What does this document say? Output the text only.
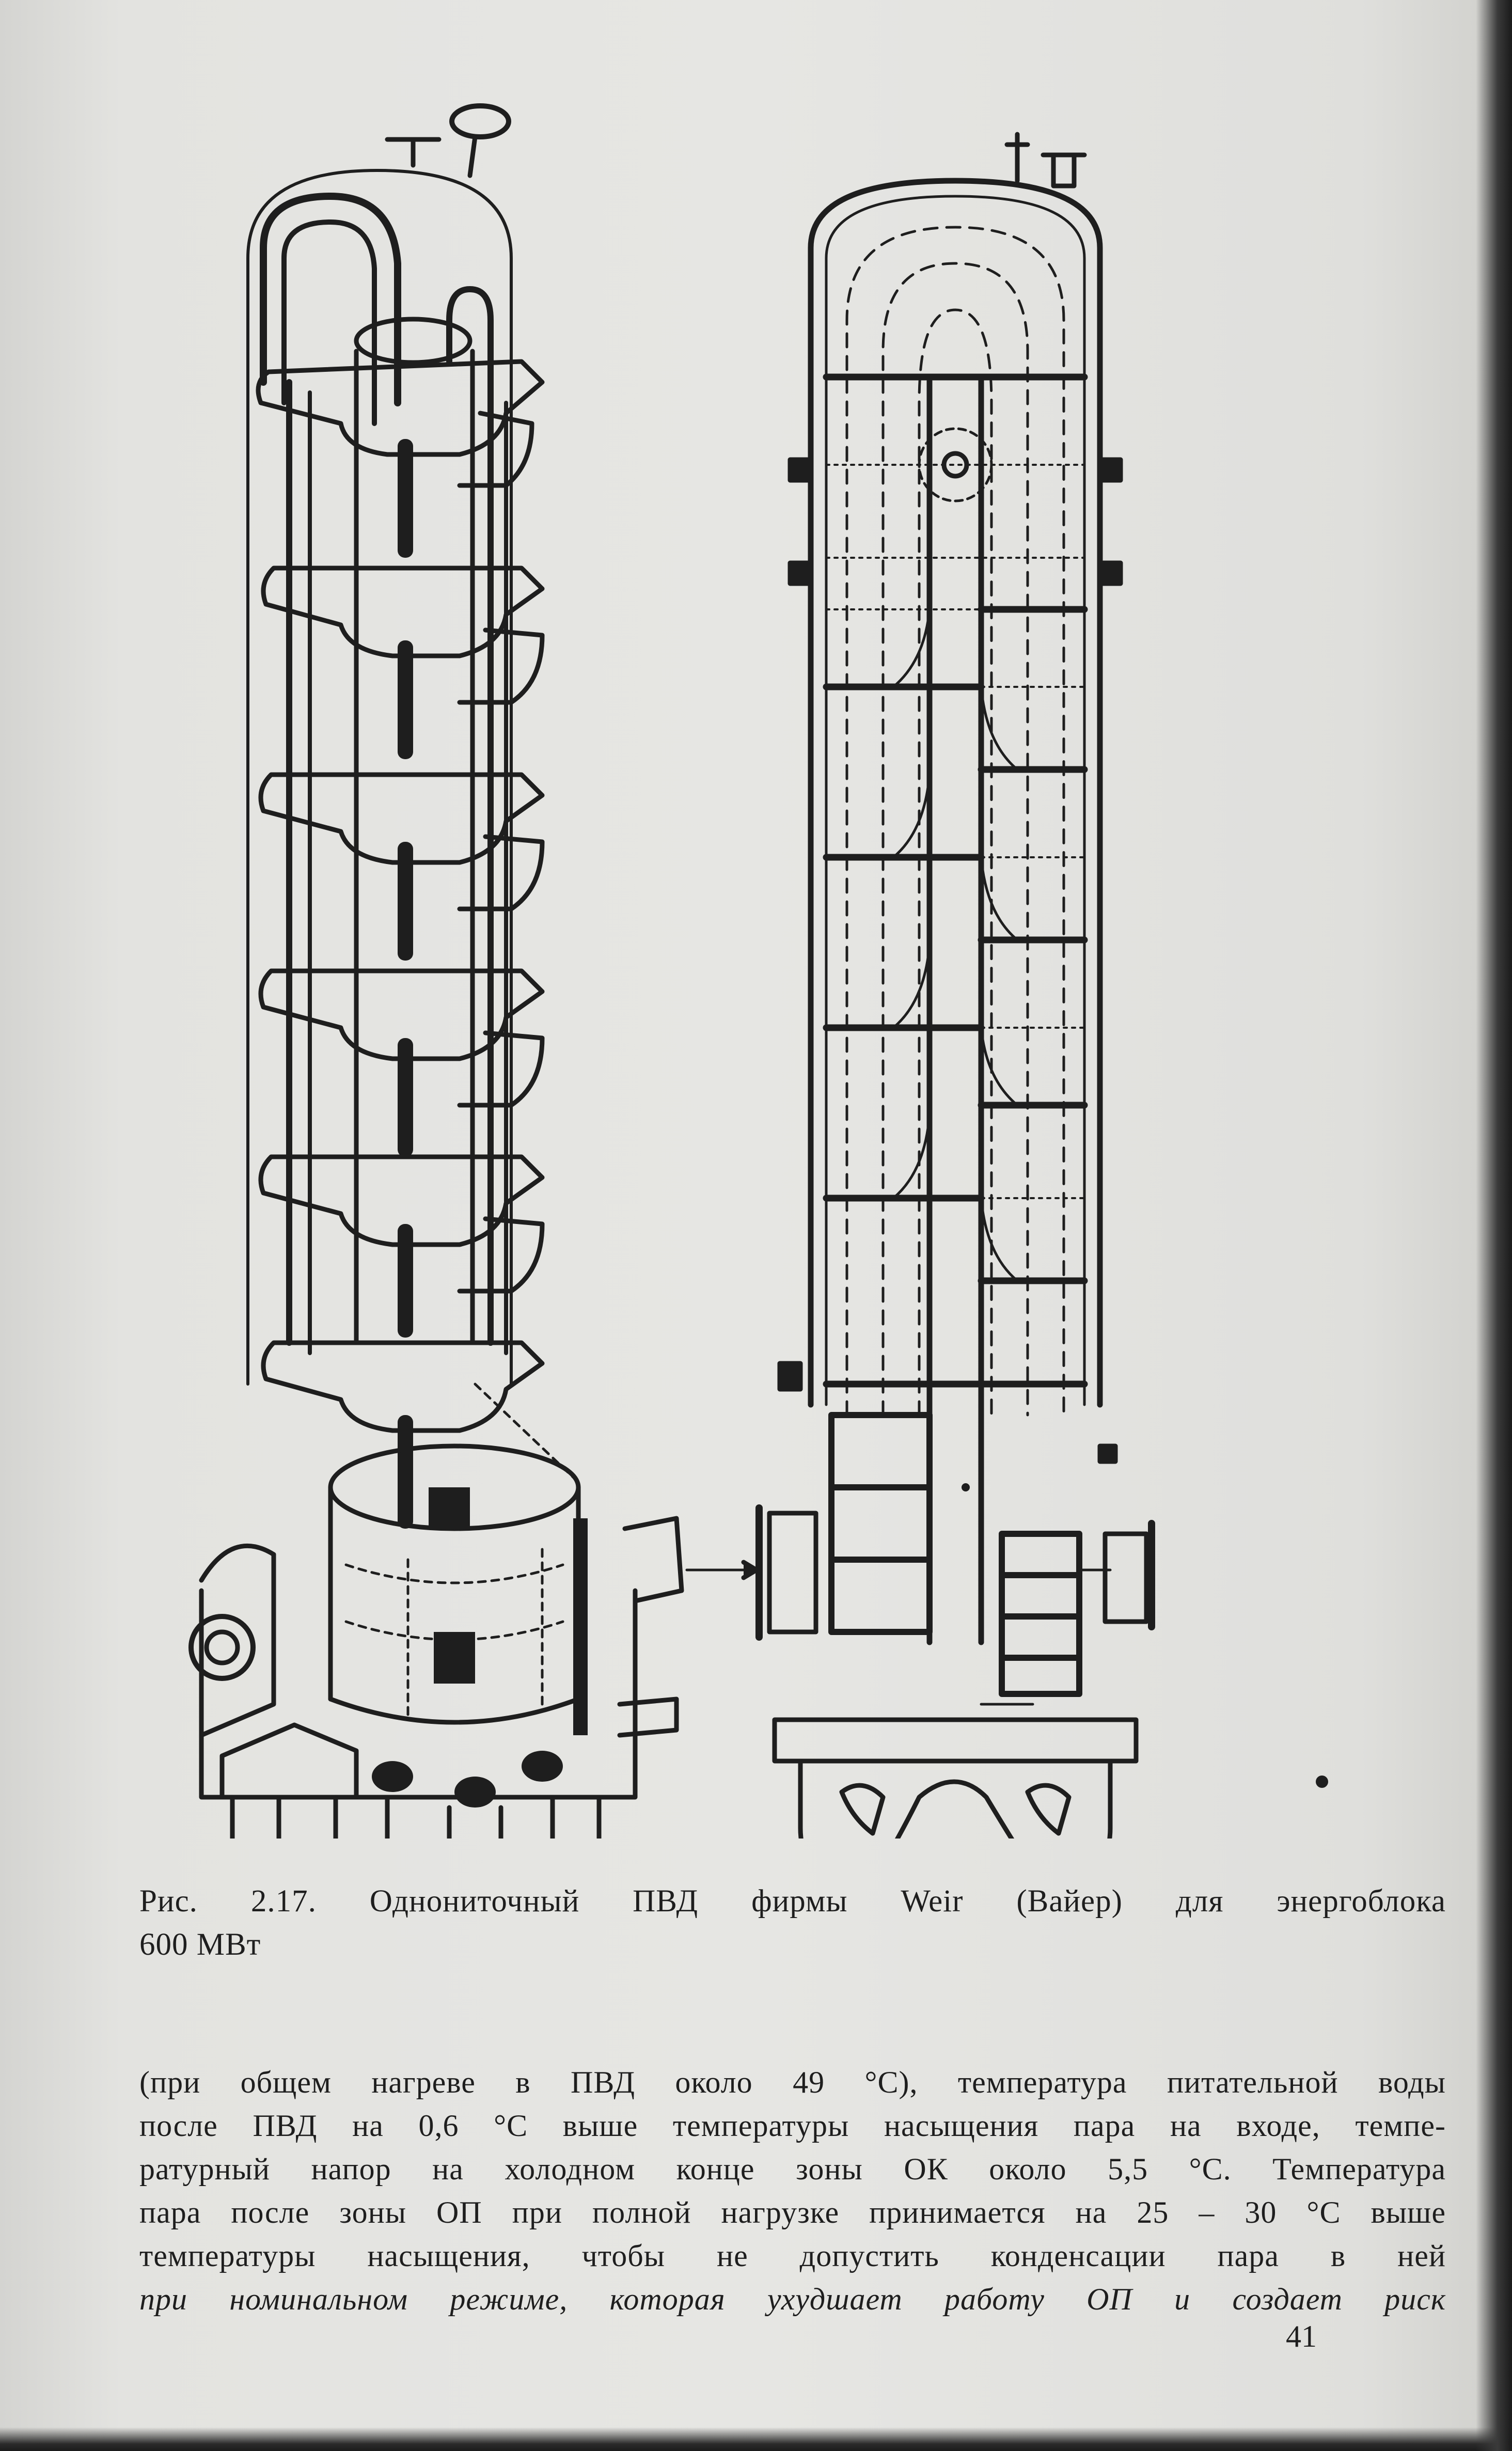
Рис. 2.17. Однониточный ПВД фирмы Weir (Вайер) для энергоблока
600 МВт
(при общем нагреве в ПВД около 49 °C), температура питательной воды
после ПВД на 0,6 °C выше температуры насыщения пара на входе, темпе-
ратурный напор на холодном конце зоны ОК около 5,5 °C. Температура
пара после зоны ОП при полной нагрузке принимается на 25 – 30 °C выше
температуры насыщения, чтобы не допустить конденсации пара в ней
при номинальном режиме, которая ухудшает работу ОП и создает риск
41
